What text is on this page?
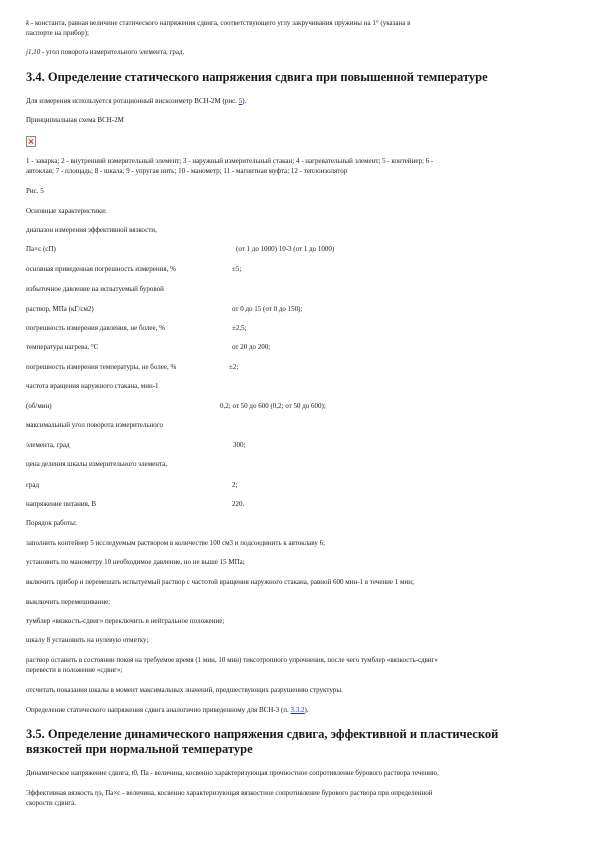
k - константа, равная величине статического напряжения сдвига, соответствующего углу закручивания пружины на 1° (указана в
паспорте на прибор);
j1,10 - угол поворота измерительного элемента, град.
3.4. Определение статического напряжения сдвига при повышенной температуре
Для измерения используется ротационный вискозиметр ВСН-2М (рис. 5).
Принципиальная схема ВСН-2М
1 - заварка; 2 - внутренний измерительный элемент; 3 - наружный измерительный стакан; 4 - нагревательный элемент; 5 - контейнер; 6 -
автоклав; 7 - площадь; 8 - шкала; 9 - упругая нить; 10 - манометр; 11 - магнитная муфта; 12 - теплоизолятор
Рис. 5
Основные характеристики:
диапазон измерения эффективной вязкости,
Па×с (сП)	(от 1 до 1000) 10-3 (от 1 до 1000)
основная приведенная погрешность измерения, %	±5;
избыточное давление на испытуемый буровой
раствор, МПа (кГ/см2)	от 0 до 15 (от 0 до 150);
погрешность измерения давления, не более, %	±2,5;
температура нагрева, °С	от 20 до 200;
погрешность измерения температуры, не более, %	±2;
частота вращения наружного стакана, мин-1
(об/мин)	0,2; от 50 до 600 (0,2; от 50 до 600);
максимальный угол поворота измерительного
элемента, град	300;
цена деления шкалы измерительного элемента,
град	2;
напряжение питания, В	220.
Порядок работы:
заполнить контейнер 5 исследуемым раствором в количестве 100 см3 и подсоединить к автоклаву 6;
установить по манометру 10 необходимое давление, но не выше 15 МПа;
включить прибор и перемешать испытуемый раствор с частотой вращения наружного стакана, равной 600 мин-1 в течение 1 мин;
выключить перемешивание;
тумблер «вязкость-сдвиг» переключить в нейтральное положение;
шкалу 8 установить на нулевую отметку;
раствор оставить в состоянии покоя на требуемое время (1 мин, 10 мин) тиксотропного упрочнения, после чего тумблер «вязкость-сдвиг»
перевести в положение «сдвиг»;
отсчитать показания шкалы в момент максимальных значений, предшествующих разрушению структуры.
Определение статического напряжения сдвига аналогично приведенному для ВСН-3 (п. 3.3.2).
3.5. Определение динамического напряжения сдвига, эффективной и пластической
вязкостей при нормальной температуре
Динамическое напряжение сдвига, t0, Па - величина, косвенно характеризующая прочностное сопротивление бурового раствора течению.
Эффективная вязкость ηэ, Па×с - величина, косвенно характеризующая вязкостное сопротивление бурового раствора при определенной
скорости сдвига.
